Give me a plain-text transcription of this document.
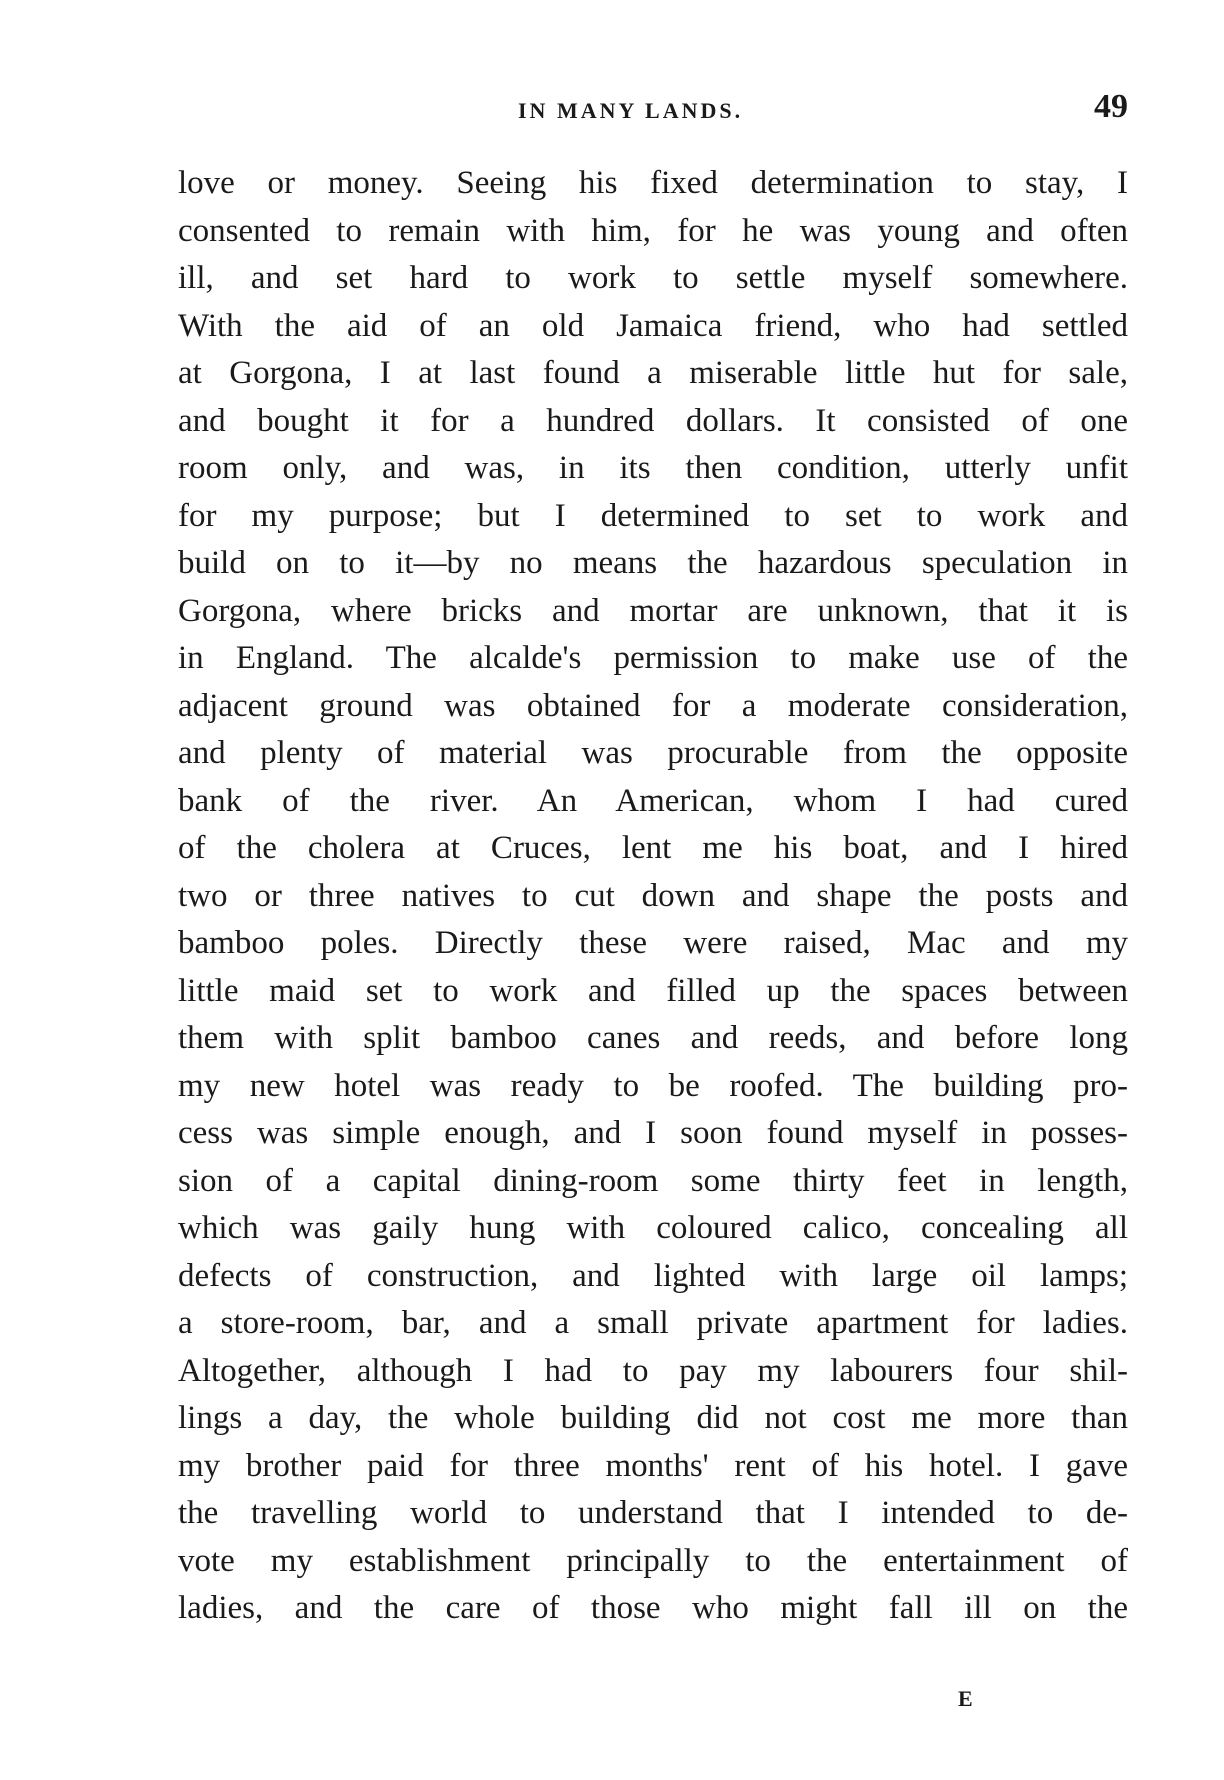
IN MANY LANDS.	49
love or money. Seeing his fixed determination to stay, I
consented to remain with him, for he was young and often
ill, and set hard to work to settle myself somewhere.
With the aid of an old Jamaica friend, who had settled
at Gorgona, I at last found a miserable little hut for sale,
and bought it for a hundred dollars. It consisted of one
room only, and was, in its then condition, utterly unfit
for my purpose; but I determined to set to work and
build on to it—by no means the hazardous speculation in
Gorgona, where bricks and mortar are unknown, that it is
in England. The alcalde's permission to make use of the
adjacent ground was obtained for a moderate consideration,
and plenty of material was procurable from the opposite
bank of the river. An American, whom I had cured
of the cholera at Cruces, lent me his boat, and I hired
two or three natives to cut down and shape the posts and
bamboo poles. Directly these were raised, Mac and my
little maid set to work and filled up the spaces between
them with split bamboo canes and reeds, and before long
my new hotel was ready to be roofed. The building pro-
cess was simple enough, and I soon found myself in posses-
sion of a capital dining-room some thirty feet in length,
which was gaily hung with coloured calico, concealing all
defects of construction, and lighted with large oil lamps;
a store-room, bar, and a small private apartment for ladies.
Altogether, although I had to pay my labourers four shil-
lings a day, the whole building did not cost me more than
my brother paid for three months' rent of his hotel. I gave
the travelling world to understand that I intended to de-
vote my establishment principally to the entertainment of
ladies, and the care of those who might fall ill on the
E
